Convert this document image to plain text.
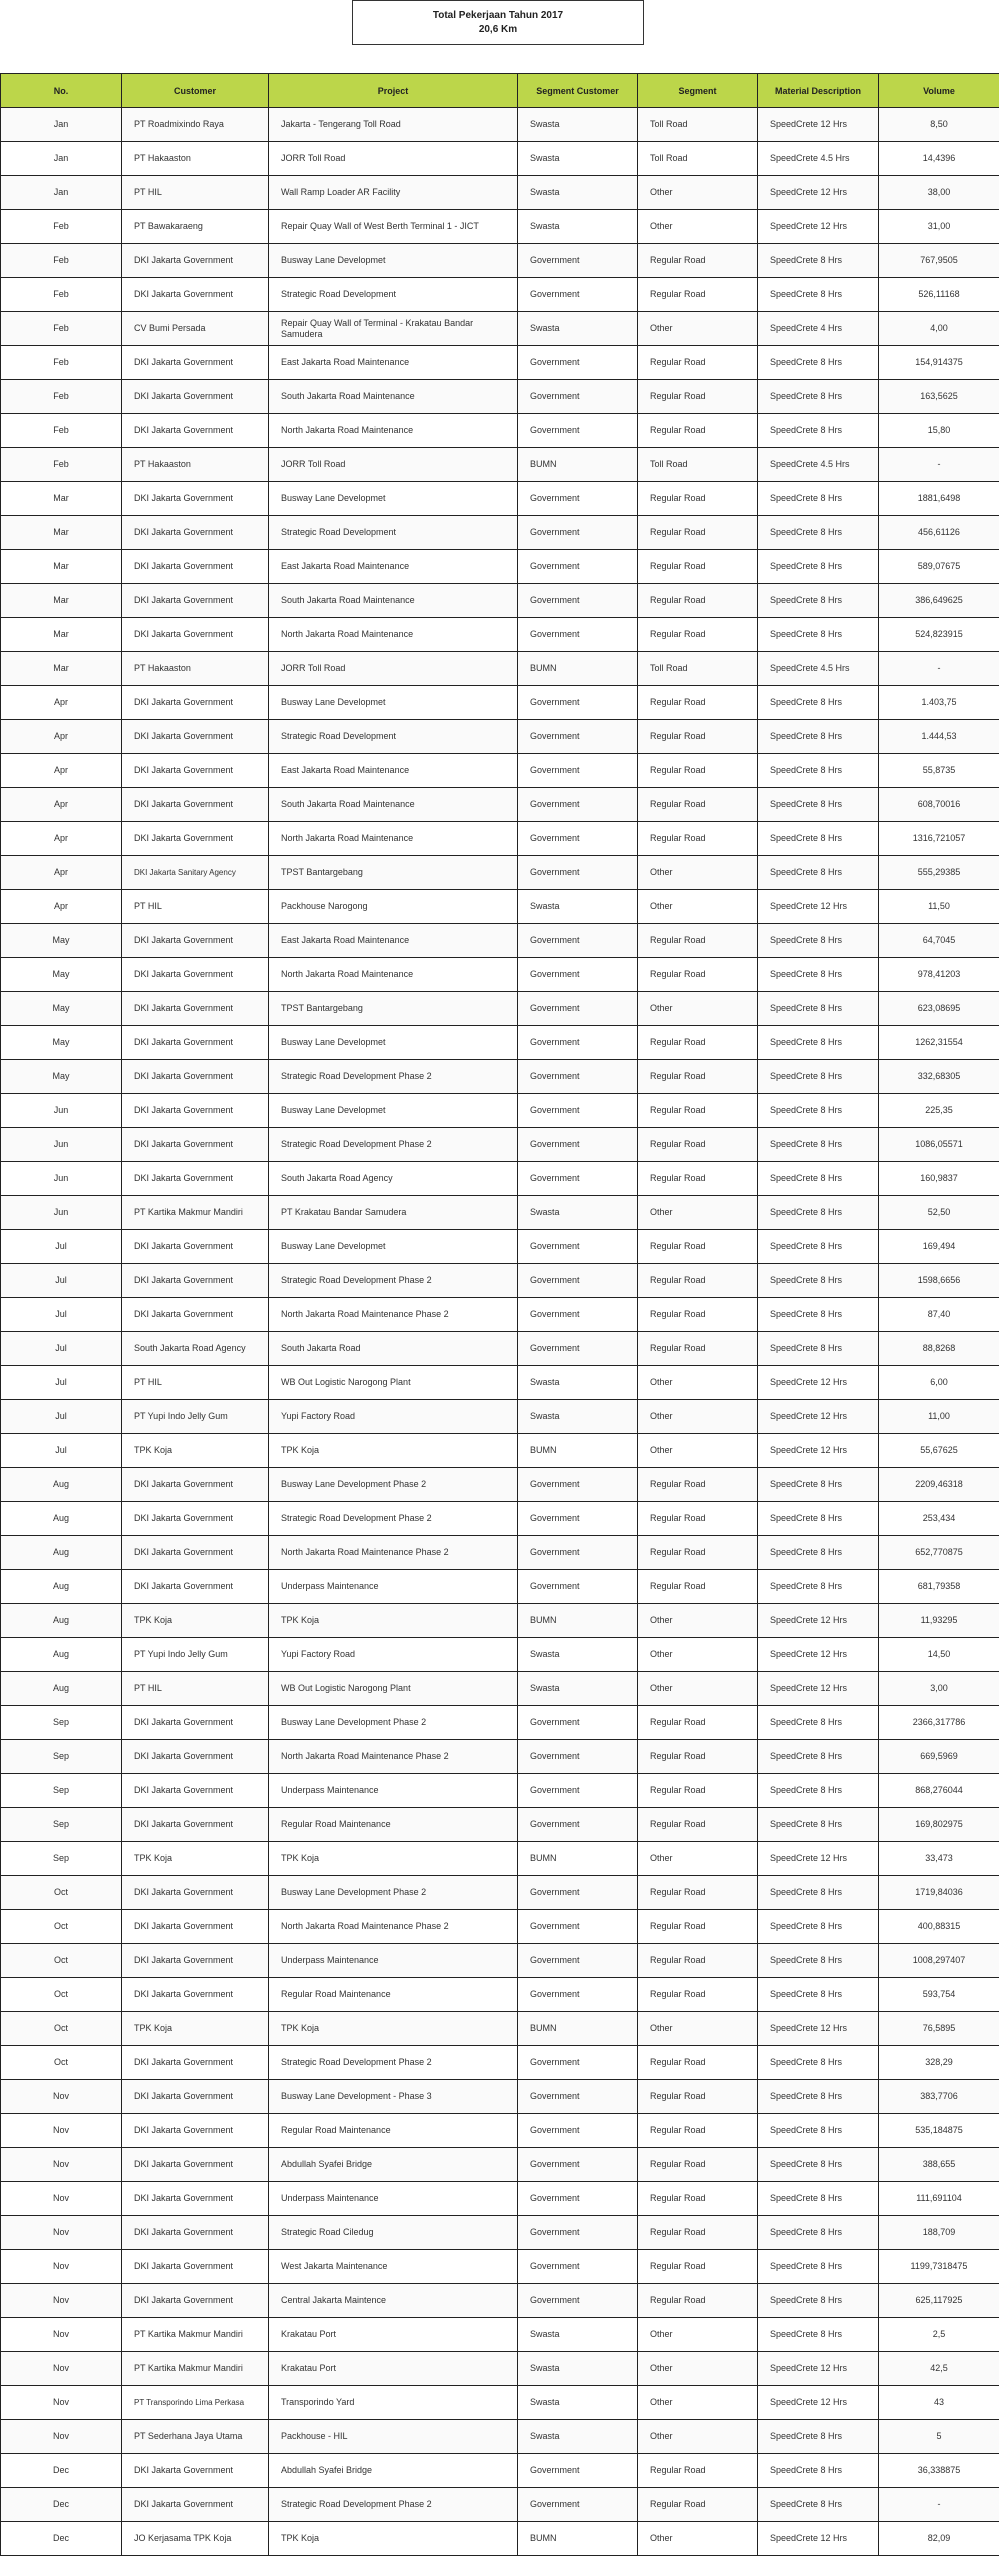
Total Pekerjaan Tahun 2017
20,6 Km
No.	Customer	Project	Segment Customer	Segment	Material Description	Volume
Jan	PT Roadmixindo Raya	Jakarta - Tengerang Toll Road	Swasta	Toll Road	SpeedCrete 12 Hrs	8,50
Jan	PT Hakaaston	JORR Toll Road	Swasta	Toll Road	SpeedCrete 4.5 Hrs	14,4396
Jan	PT HIL	Wall Ramp Loader AR Facility	Swasta	Other	SpeedCrete 12 Hrs	38,00
Feb	PT Bawakaraeng	Repair Quay Wall of West Berth Terminal 1 - JICT	Swasta	Other	SpeedCrete 12 Hrs	31,00
Feb	DKI Jakarta Government	Busway Lane Developmet	Government	Regular Road	SpeedCrete 8 Hrs	767,9505
Feb	DKI Jakarta Government	Strategic Road Development	Government	Regular Road	SpeedCrete 8 Hrs	526,11168
Feb	CV Bumi Persada	Repair Quay Wall of Terminal - Krakatau Bandar Samudera	Swasta	Other	SpeedCrete 4 Hrs	4,00
Feb	DKI Jakarta Government	East Jakarta Road Maintenance	Government	Regular Road	SpeedCrete 8 Hrs	154,914375
Feb	DKI Jakarta Government	South Jakarta Road Maintenance	Government	Regular Road	SpeedCrete 8 Hrs	163,5625
Feb	DKI Jakarta Government	North Jakarta Road Maintenance	Government	Regular Road	SpeedCrete 8 Hrs	15,80
Feb	PT Hakaaston	JORR Toll Road	BUMN	Toll Road	SpeedCrete 4.5 Hrs	-
Mar	DKI Jakarta Government	Busway Lane Developmet	Government	Regular Road	SpeedCrete 8 Hrs	1881,6498
Mar	DKI Jakarta Government	Strategic Road Development	Government	Regular Road	SpeedCrete 8 Hrs	456,61126
Mar	DKI Jakarta Government	East Jakarta Road Maintenance	Government	Regular Road	SpeedCrete 8 Hrs	589,07675
Mar	DKI Jakarta Government	South Jakarta Road Maintenance	Government	Regular Road	SpeedCrete 8 Hrs	386,649625
Mar	DKI Jakarta Government	North Jakarta Road Maintenance	Government	Regular Road	SpeedCrete 8 Hrs	524,823915
Mar	PT Hakaaston	JORR Toll Road	BUMN	Toll Road	SpeedCrete 4.5 Hrs	-
Apr	DKI Jakarta Government	Busway Lane Developmet	Government	Regular Road	SpeedCrete 8 Hrs	1.403,75
Apr	DKI Jakarta Government	Strategic Road Development	Government	Regular Road	SpeedCrete 8 Hrs	1.444,53
Apr	DKI Jakarta Government	East Jakarta Road Maintenance	Government	Regular Road	SpeedCrete 8 Hrs	55,8735
Apr	DKI Jakarta Government	South Jakarta Road Maintenance	Government	Regular Road	SpeedCrete 8 Hrs	608,70016
Apr	DKI Jakarta Government	North Jakarta Road Maintenance	Government	Regular Road	SpeedCrete 8 Hrs	1316,721057
Apr	DKI Jakarta Sanitary Agency	TPST Bantargebang	Government	Other	SpeedCrete 8 Hrs	555,29385
Apr	PT HIL	Packhouse Narogong	Swasta	Other	SpeedCrete 12 Hrs	11,50
May	DKI Jakarta Government	East Jakarta Road Maintenance	Government	Regular Road	SpeedCrete 8 Hrs	64,7045
May	DKI Jakarta Government	North Jakarta Road Maintenance	Government	Regular Road	SpeedCrete 8 Hrs	978,41203
May	DKI Jakarta Government	TPST Bantargebang	Government	Other	SpeedCrete 8 Hrs	623,08695
May	DKI Jakarta Government	Busway Lane Developmet	Government	Regular Road	SpeedCrete 8 Hrs	1262,31554
May	DKI Jakarta Government	Strategic Road Development Phase 2	Government	Regular Road	SpeedCrete 8 Hrs	332,68305
Jun	DKI Jakarta Government	Busway Lane Developmet	Government	Regular Road	SpeedCrete 8 Hrs	225,35
Jun	DKI Jakarta Government	Strategic Road Development Phase 2	Government	Regular Road	SpeedCrete 8 Hrs	1086,05571
Jun	DKI Jakarta Government	South Jakarta Road Agency	Government	Regular Road	SpeedCrete 8 Hrs	160,9837
Jun	PT Kartika Makmur Mandiri	PT Krakatau Bandar Samudera	Swasta	Other	SpeedCrete 8 Hrs	52,50
Jul	DKI Jakarta Government	Busway Lane Developmet	Government	Regular Road	SpeedCrete 8 Hrs	169,494
Jul	DKI Jakarta Government	Strategic Road Development Phase 2	Government	Regular Road	SpeedCrete 8 Hrs	1598,6656
Jul	DKI Jakarta Government	North Jakarta Road Maintenance Phase 2	Government	Regular Road	SpeedCrete 8 Hrs	87,40
Jul	South Jakarta Road Agency	South Jakarta Road	Government	Regular Road	SpeedCrete 8 Hrs	88,8268
Jul	PT HIL	WB Out Logistic Narogong Plant	Swasta	Other	SpeedCrete 12 Hrs	6,00
Jul	PT Yupi Indo Jelly Gum	Yupi Factory Road	Swasta	Other	SpeedCrete 12 Hrs	11,00
Jul	TPK Koja	TPK Koja	BUMN	Other	SpeedCrete 12 Hrs	55,67625
Aug	DKI Jakarta Government	Busway Lane Development Phase 2	Government	Regular Road	SpeedCrete 8 Hrs	2209,46318
Aug	DKI Jakarta Government	Strategic Road Development Phase 2	Government	Regular Road	SpeedCrete 8 Hrs	253,434
Aug	DKI Jakarta Government	North Jakarta Road Maintenance Phase 2	Government	Regular Road	SpeedCrete 8 Hrs	652,770875
Aug	DKI Jakarta Government	Underpass Maintenance	Government	Regular Road	SpeedCrete 8 Hrs	681,79358
Aug	TPK Koja	TPK Koja	BUMN	Other	SpeedCrete 12 Hrs	11,93295
Aug	PT Yupi Indo Jelly Gum	Yupi Factory Road	Swasta	Other	SpeedCrete 12 Hrs	14,50
Aug	PT HIL	WB Out Logistic Narogong Plant	Swasta	Other	SpeedCrete 12 Hrs	3,00
Sep	DKI Jakarta Government	Busway Lane Development Phase 2	Government	Regular Road	SpeedCrete 8 Hrs	2366,317786
Sep	DKI Jakarta Government	North Jakarta Road Maintenance Phase 2	Government	Regular Road	SpeedCrete 8 Hrs	669,5969
Sep	DKI Jakarta Government	Underpass Maintenance	Government	Regular Road	SpeedCrete 8 Hrs	868,276044
Sep	DKI Jakarta Government	Regular Road Maintenance	Government	Regular Road	SpeedCrete 8 Hrs	169,802975
Sep	TPK Koja	TPK Koja	BUMN	Other	SpeedCrete 12 Hrs	33,473
Oct	DKI Jakarta Government	Busway Lane Development Phase 2	Government	Regular Road	SpeedCrete 8 Hrs	1719,84036
Oct	DKI Jakarta Government	North Jakarta Road Maintenance Phase 2	Government	Regular Road	SpeedCrete 8 Hrs	400,88315
Oct	DKI Jakarta Government	Underpass Maintenance	Government	Regular Road	SpeedCrete 8 Hrs	1008,297407
Oct	DKI Jakarta Government	Regular Road Maintenance	Government	Regular Road	SpeedCrete 8 Hrs	593,754
Oct	TPK Koja	TPK Koja	BUMN	Other	SpeedCrete 12 Hrs	76,5895
Oct	DKI Jakarta Government	Strategic Road Development Phase 2	Government	Regular Road	SpeedCrete 8 Hrs	328,29
Nov	DKI Jakarta Government	Busway Lane Development - Phase 3	Government	Regular Road	SpeedCrete 8 Hrs	383,7706
Nov	DKI Jakarta Government	Regular Road Maintenance	Government	Regular Road	SpeedCrete 8 Hrs	535,184875
Nov	DKI Jakarta Government	Abdullah Syafei Bridge	Government	Regular Road	SpeedCrete 8 Hrs	388,655
Nov	DKI Jakarta Government	Underpass Maintenance	Government	Regular Road	SpeedCrete 8 Hrs	111,691104
Nov	DKI Jakarta Government	Strategic Road Ciledug	Government	Regular Road	SpeedCrete 8 Hrs	188,709
Nov	DKI Jakarta Government	West Jakarta Maintenance	Government	Regular Road	SpeedCrete 8 Hrs	1199,7318475
Nov	DKI Jakarta Government	Central Jakarta Maintence	Government	Regular Road	SpeedCrete 8 Hrs	625,117925
Nov	PT Kartika Makmur Mandiri	Krakatau Port	Swasta	Other	SpeedCrete 8 Hrs	2,5
Nov	PT Kartika Makmur Mandiri	Krakatau Port	Swasta	Other	SpeedCrete 12 Hrs	42,5
Nov	PT Transporindo Lima Perkasa	Transporindo Yard	Swasta	Other	SpeedCrete 12 Hrs	43
Nov	PT Sederhana Jaya Utama	Packhouse - HIL	Swasta	Other	SpeedCrete 8 Hrs	5
Dec	DKI Jakarta Government	Abdullah Syafei Bridge	Government	Regular Road	SpeedCrete 8 Hrs	36,338875
Dec	DKI Jakarta Government	Strategic Road Development Phase 2	Government	Regular Road	SpeedCrete 8 Hrs	-
Dec	JO Kerjasama TPK Koja	TPK Koja	BUMN	Other	SpeedCrete 12 Hrs	82,09
